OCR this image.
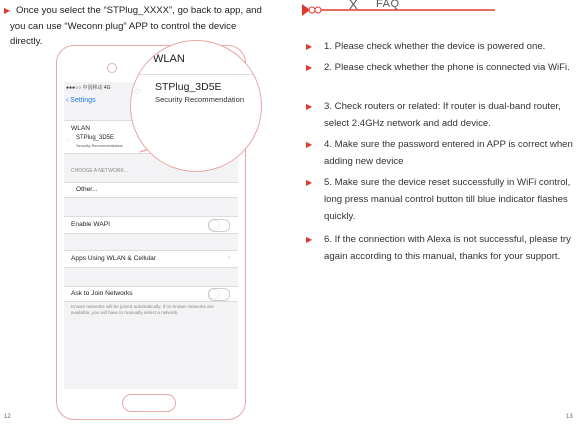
▶ Once you select the “STPlug_XXXX”, go back to app, and
you can use “Weconn plug” APP to control the device
directly.
●●●○○ 中国移动 4G
‹ Settings
WLAN
◌ STPlug_3D5E
Security Recommendation
CHOOSE A NETWORK...
Other...
Enable WAPI
Apps Using WLAN & Cellular	›
Ask to Join Networks
Known networks will be joined automatically. If no known networks are available, you will have to manually select a network.
WLAN
◌ STPlug_3D5E
Security Recommendation
X FAQ
▶	1. Please check whether the device is powered one.
▶	2. Please check whether the phone is connected via WiFi.
▶	3. Check routers or related: If router is dual-band router, select 2.4GHz network and add device.
▶	4. Make sure the password entered in APP is correct when adding new device
▶	5. Make sure the device reset successfully in WiFi control, long press manual control button till blue indicator flashes quickly.
▶	6. If the connection with Alexa is not successful, please try again according to this manual, thanks for your support.
12	13
